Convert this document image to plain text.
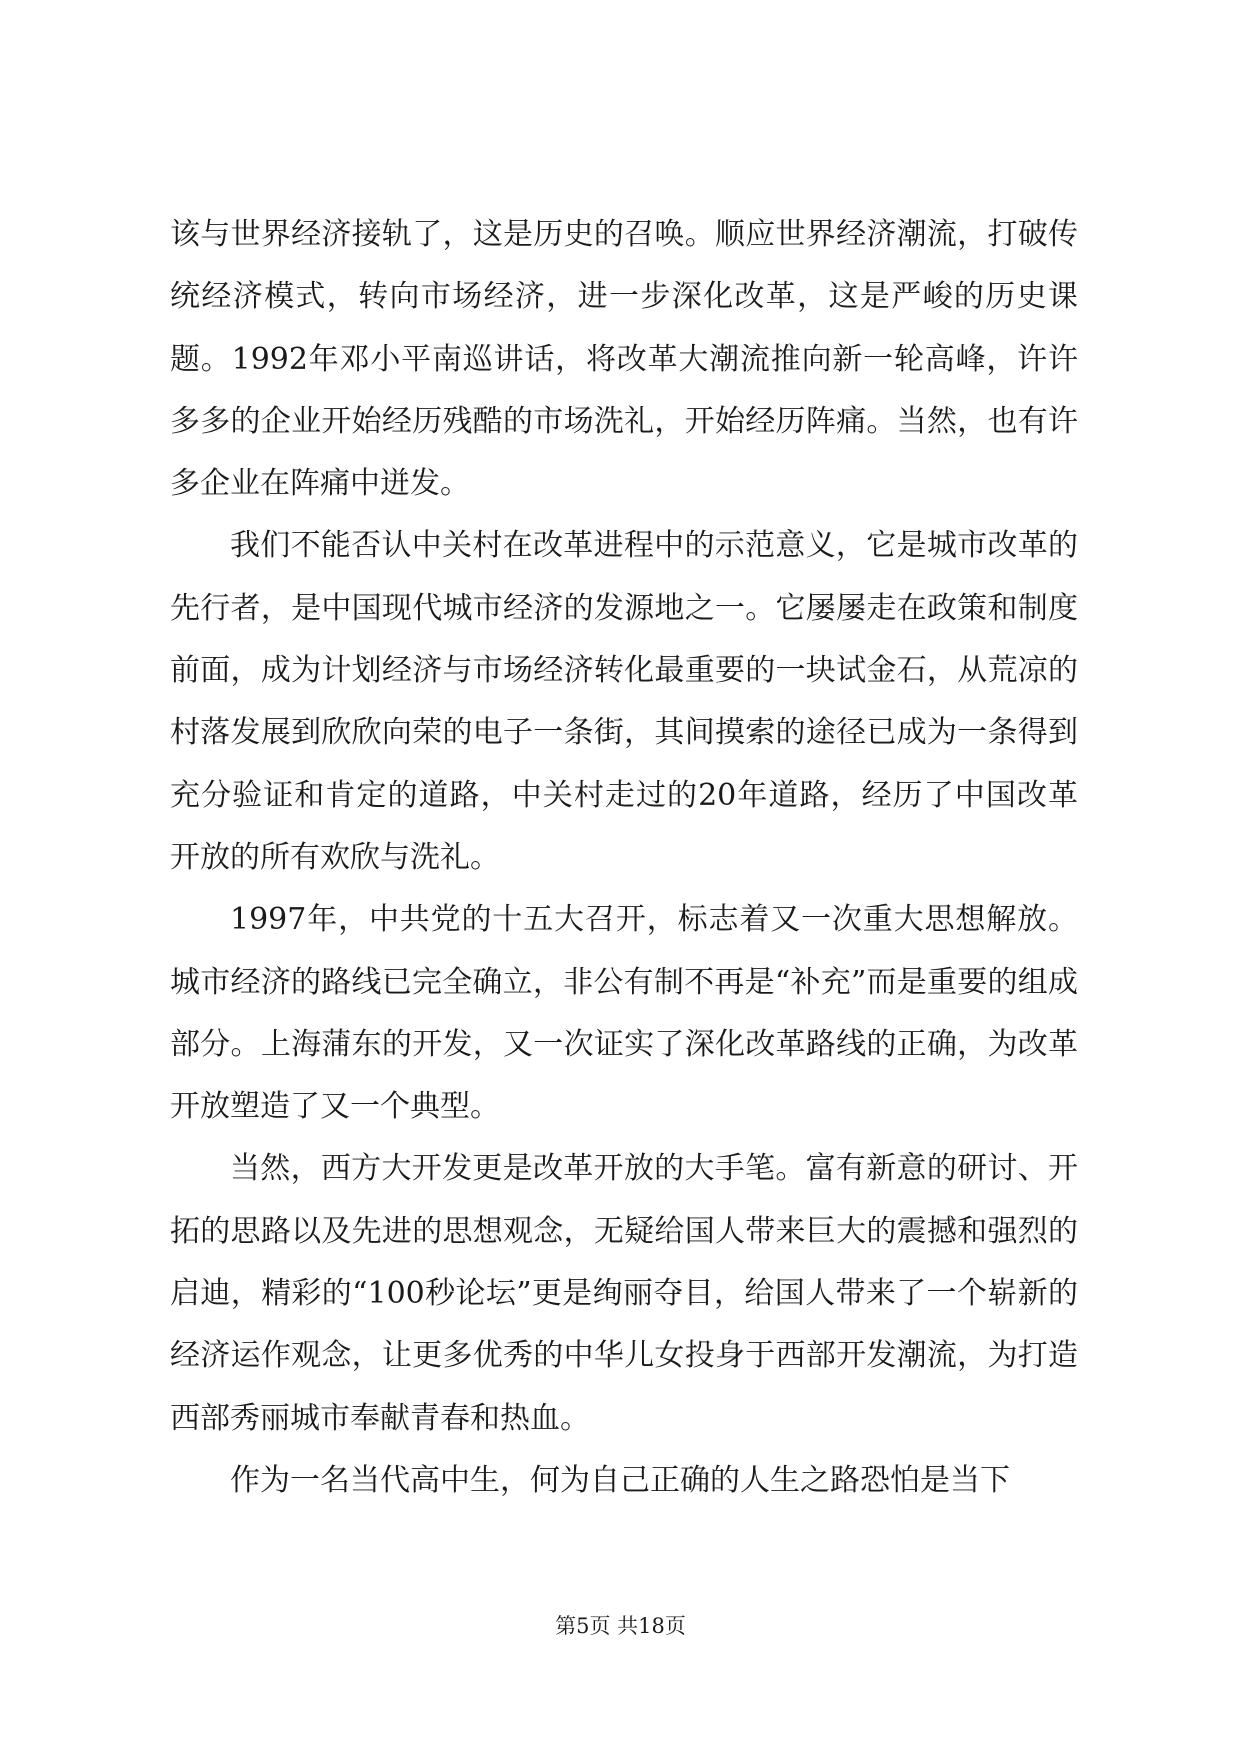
该与世界经济接轨了，这是历史的召唤。顺应世界经济潮流，打破传统经济模式，转向市场经济，进一步深化改革，这是严峻的历史课题。1992年邓小平南巡讲话，将改革大潮流推向新一轮高峰，许许多多的企业开始经历残酷的市场洗礼，开始经历阵痛。当然，也有许多企业在阵痛中迸发。

我们不能否认中关村在改革进程中的示范意义，它是城市改革的先行者，是中国现代城市经济的发源地之一。它屡屡走在政策和制度前面，成为计划经济与市场经济转化最重要的一块试金石，从荒凉的村落发展到欣欣向荣的电子一条街，其间摸索的途径已成为一条得到充分验证和肯定的道路，中关村走过的20年道路，经历了中国改革开放的所有欢欣与洗礼。

1997年，中共党的十五大召开，标志着又一次重大思想解放。城市经济的路线已完全确立，非公有制不再是“补充”而是重要的组成部分。上海蒲东的开发，又一次证实了深化改革路线的正确，为改革开放塑造了又一个典型。

当然，西方大开发更是改革开放的大手笔。富有新意的研讨、开拓的思路以及先进的思想观念，无疑给国人带来巨大的震撼和强烈的启迪，精彩的“100秒论坛”更是绚丽夺目，给国人带来了一个崭新的经济运作观念，让更多优秀的中华儿女投身于西部开发潮流，为打造西部秀丽城市奉献青春和热血。

作为一名当代高中生，何为自己正确的人生之路恐怕是当下

第5页 共18页
